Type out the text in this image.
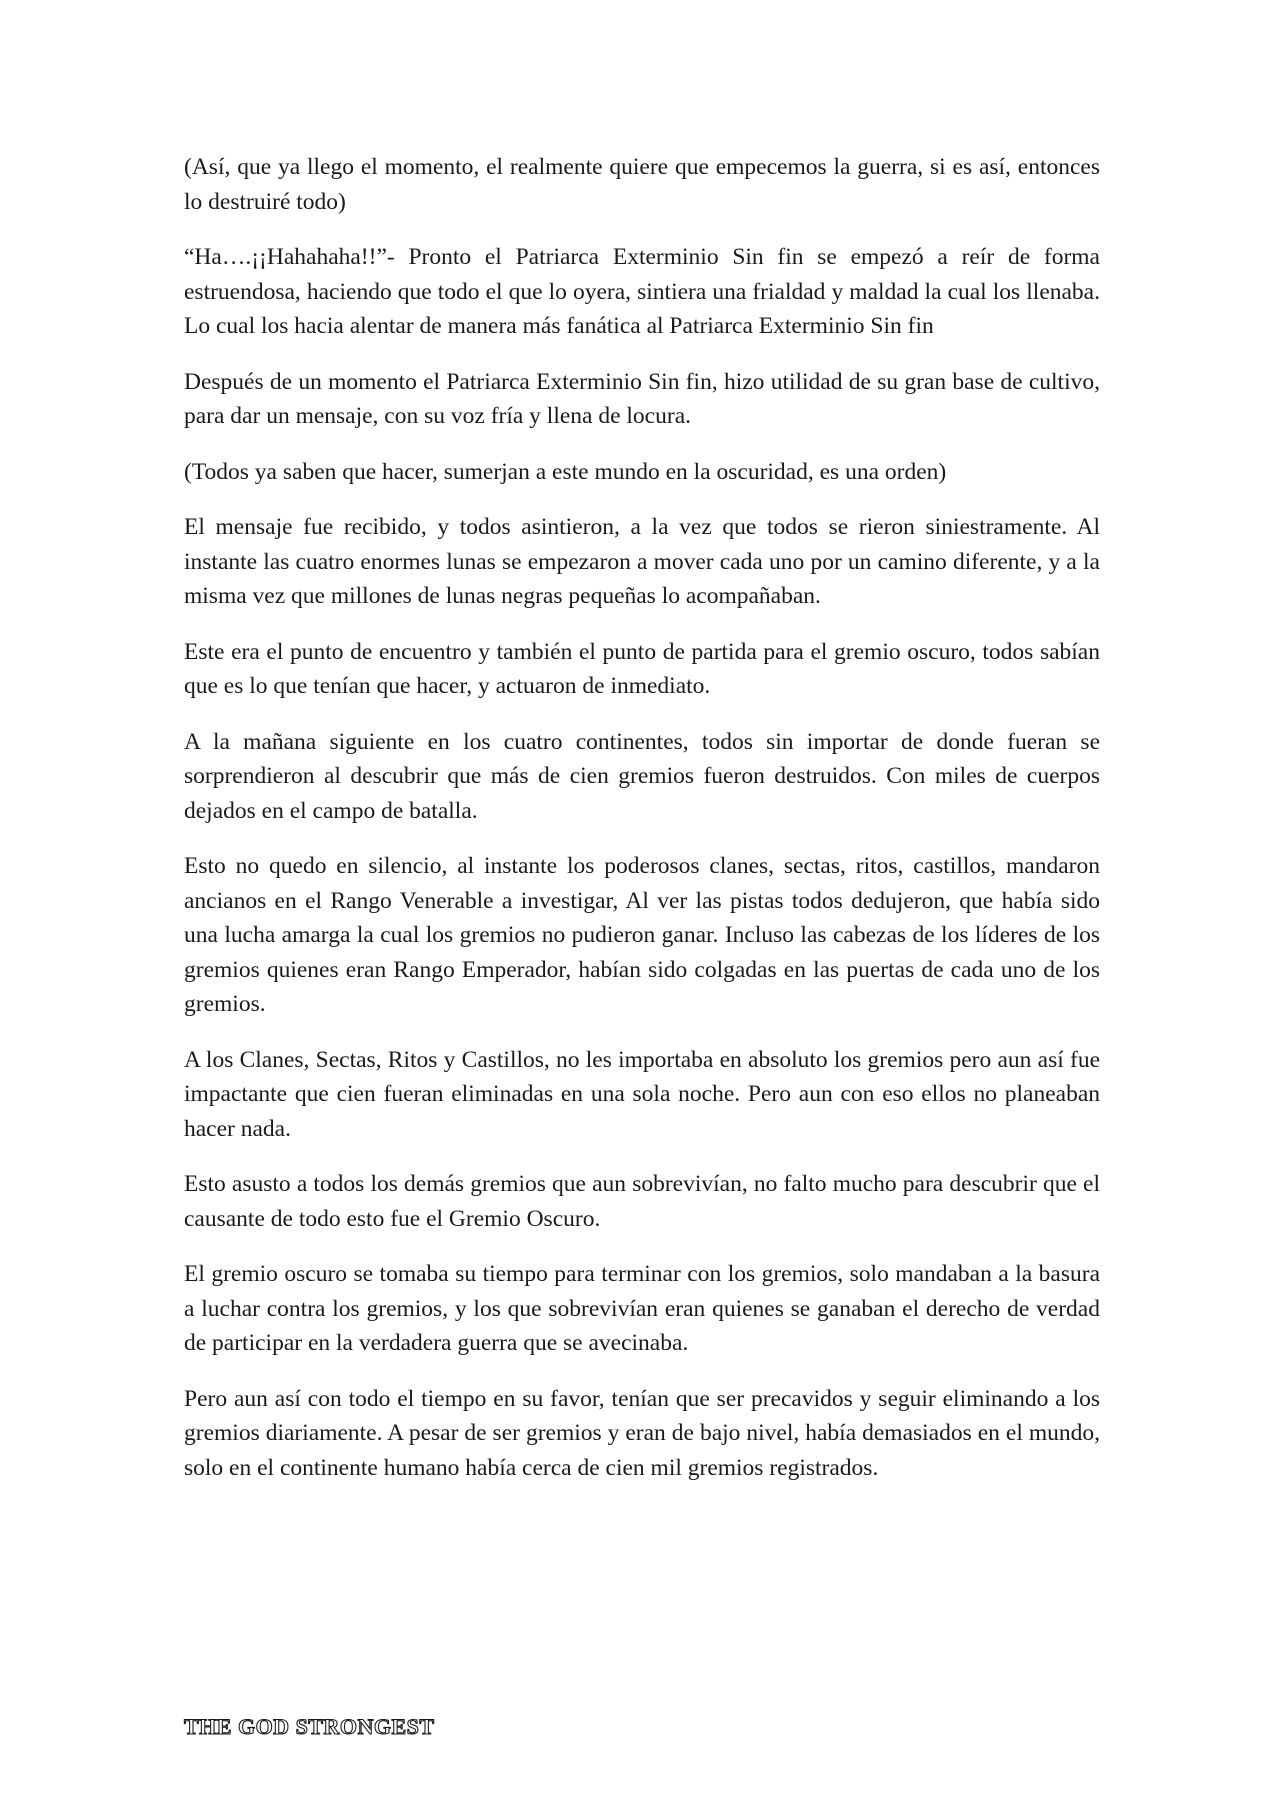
(Así, que ya llego el momento, el realmente quiere que empecemos la guerra, si es así, entonces lo destruiré todo)

“Ha….¡¡Hahahaha!!”- Pronto el Patriarca Exterminio Sin fin se empezó a reír de forma estruendosa, haciendo que todo el que lo oyera, sintiera una frialdad y maldad la cual los llenaba. Lo cual los hacia alentar de manera más fanática al Patriarca Exterminio Sin fin

Después de un momento el Patriarca Exterminio Sin fin, hizo utilidad de su gran base de cultivo, para dar un mensaje, con su voz fría y llena de locura.

(Todos ya saben que hacer, sumerjan a este mundo en la oscuridad, es una orden)

El mensaje fue recibido, y todos asintieron, a la vez que todos se rieron siniestramente. Al instante las cuatro enormes lunas se empezaron a mover cada uno por un camino diferente, y a la misma vez que millones de lunas negras pequeñas lo acompañaban.

Este era el punto de encuentro y también el punto de partida para el gremio oscuro, todos sabían que es lo que tenían que hacer, y actuaron de inmediato.

A la mañana siguiente en los cuatro continentes, todos sin importar de donde fueran se sorprendieron al descubrir que más de cien gremios fueron destruidos. Con miles de cuerpos dejados en el campo de batalla.

Esto no quedo en silencio, al instante los poderosos clanes, sectas, ritos, castillos, mandaron ancianos en el Rango Venerable a investigar, Al ver las pistas todos dedujeron, que había sido una lucha amarga la cual los gremios no pudieron ganar. Incluso las cabezas de los líderes de los gremios quienes eran Rango Emperador, habían sido colgadas en las puertas de cada uno de los gremios.

A los Clanes, Sectas, Ritos y Castillos, no les importaba en absoluto los gremios pero aun así fue impactante que cien fueran eliminadas en una sola noche. Pero aun con eso ellos no planeaban hacer nada.

Esto asusto a todos los demás gremios que aun sobrevivían, no falto mucho para descubrir que el causante de todo esto fue el Gremio Oscuro.

El gremio oscuro se tomaba su tiempo para terminar con los gremios, solo mandaban a la basura a luchar contra los gremios, y los que sobrevivían eran quienes se ganaban el derecho de verdad de participar en la verdadera guerra que se avecinaba.

Pero aun así con todo el tiempo en su favor, tenían que ser precavidos y seguir eliminando a los gremios diariamente. A pesar de ser gremios y eran de bajo nivel, había demasiados en el mundo, solo en el continente humano había cerca de cien mil gremios registrados.

THE GOD STRONGEST
